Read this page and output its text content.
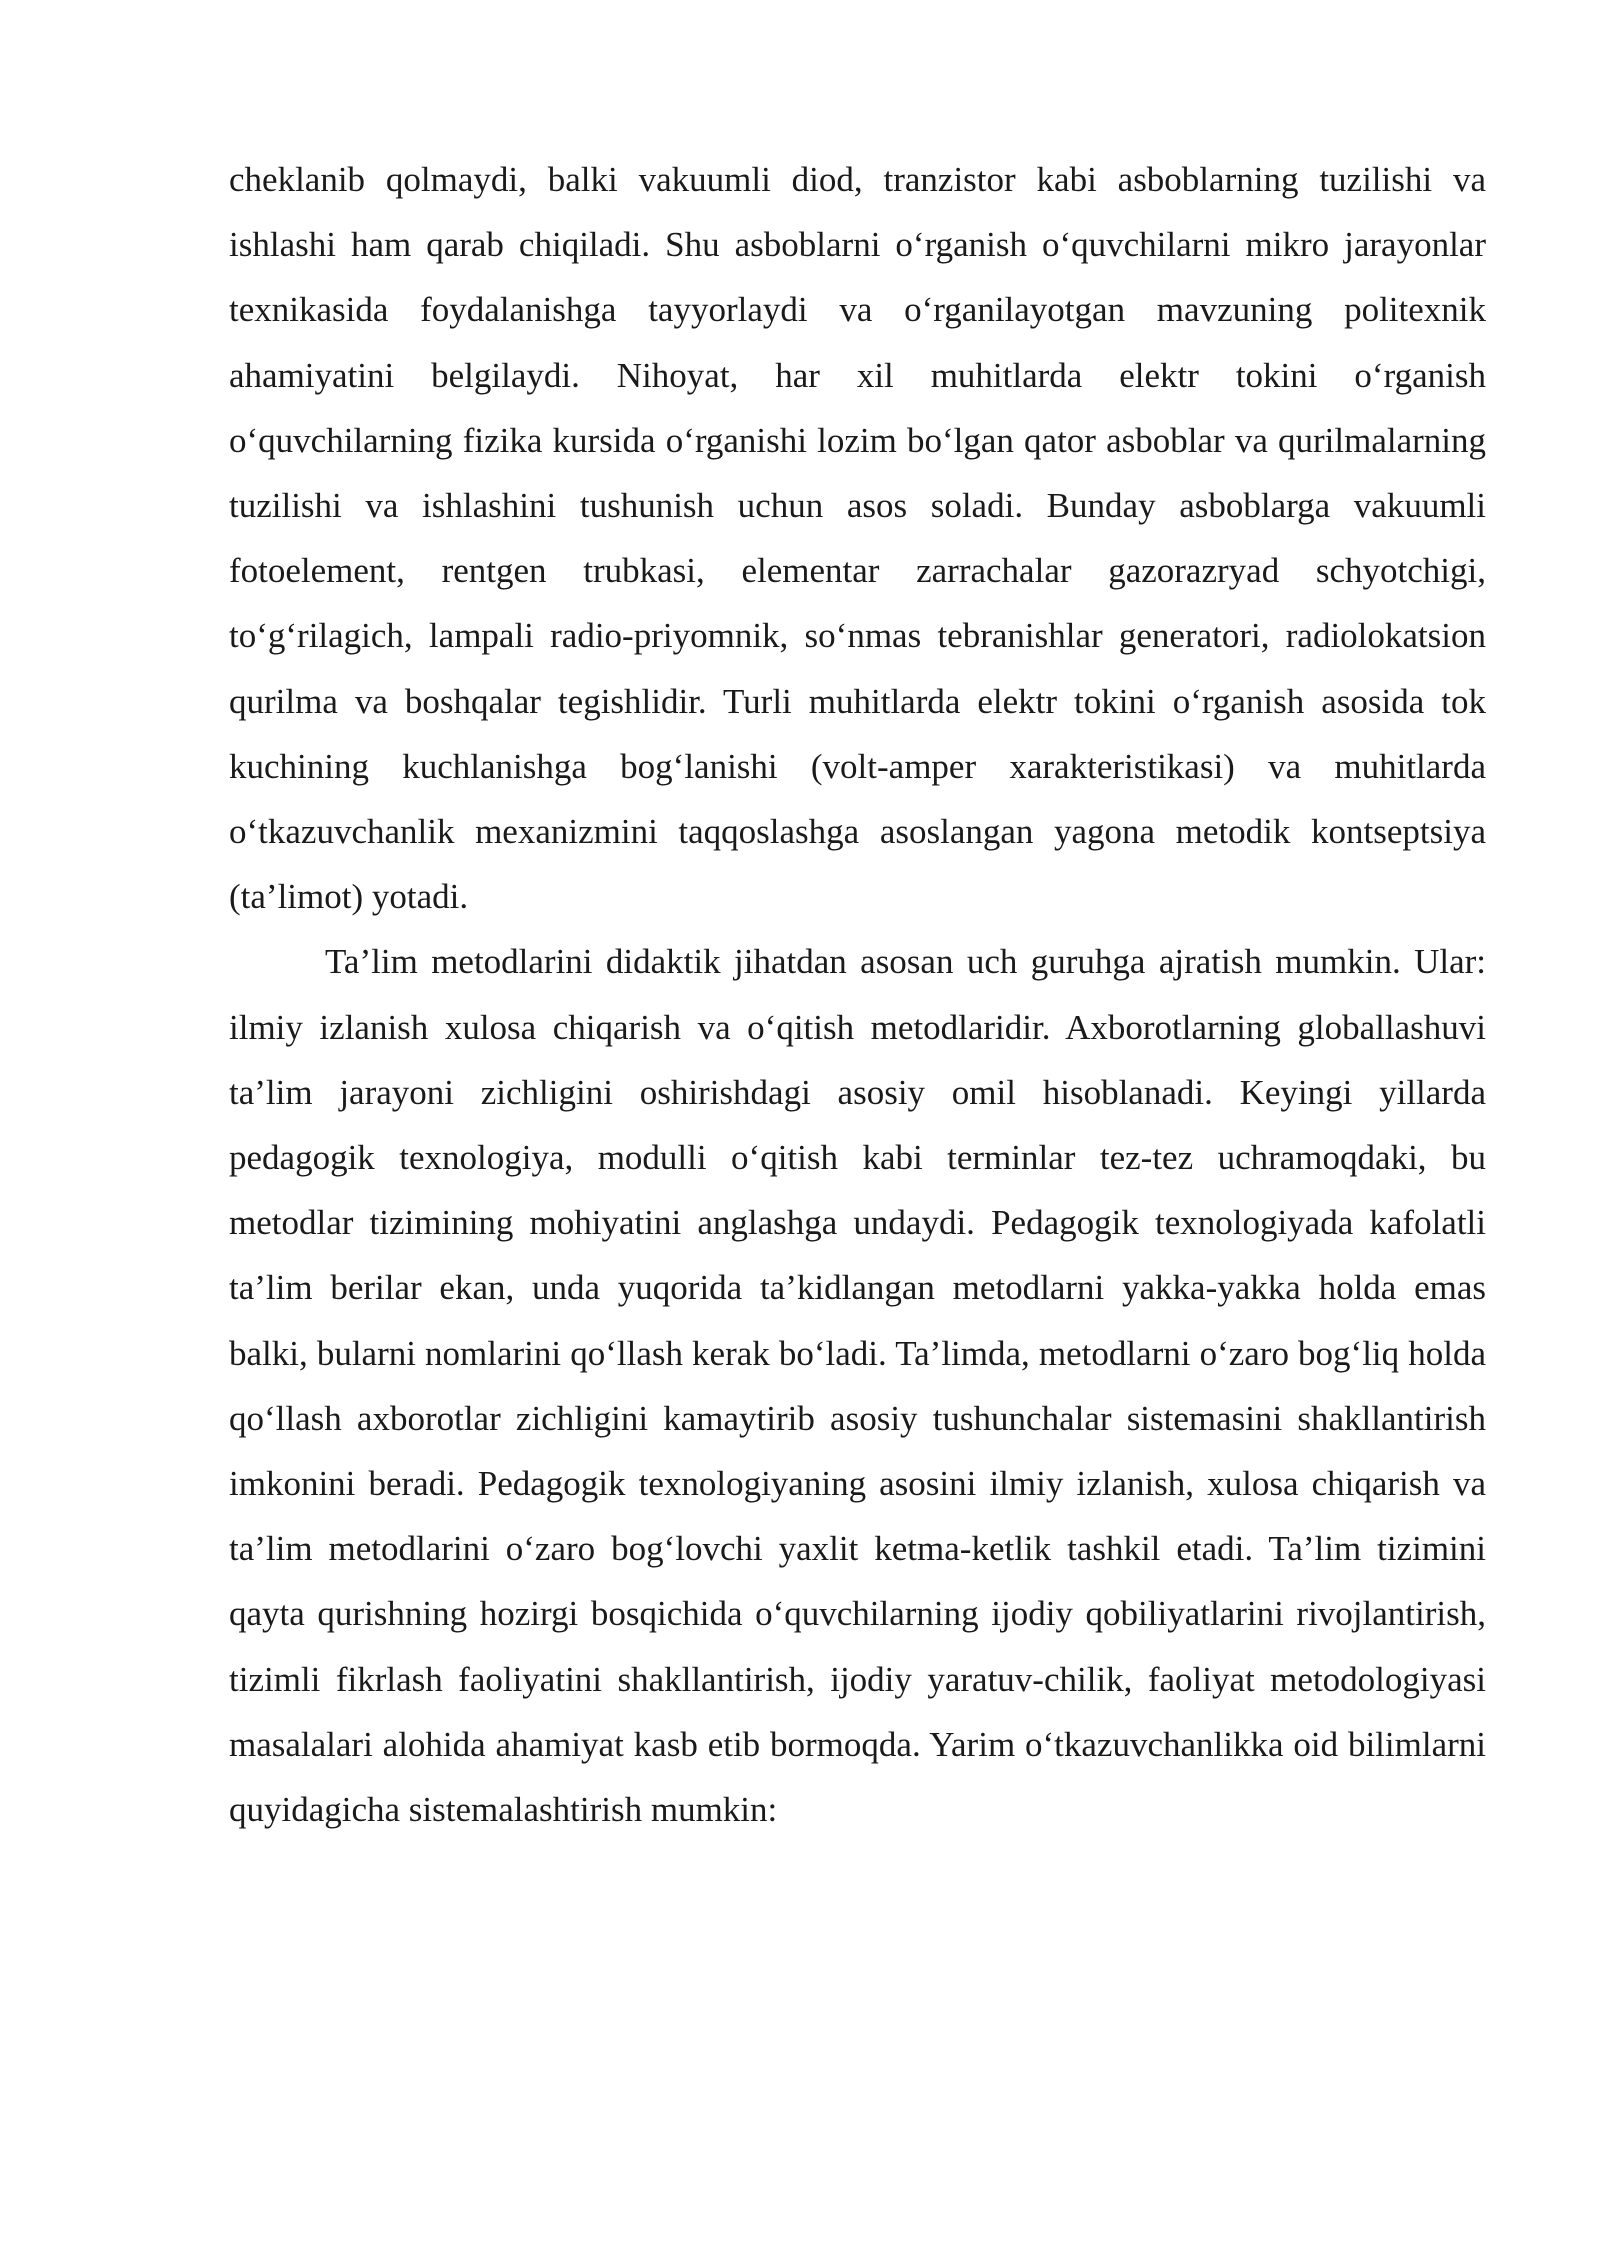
cheklanib qolmaydi, balki vakuumli diod, tranzistor kabi asboblarning tuzilishi va ishlashi ham qarab chiqiladi. Shu asboblarni o‘rganish o‘quvchilarni mikro jarayonlar texnikasida foydalanishga tayyorlaydi va o‘rganilayotgan mavzuning politexnik ahamiyatini belgilaydi. Nihoyat, har xil muhitlarda elektr tokini o‘rganish o‘quvchilarning fizika kursida o‘rganishi lozim bo‘lgan qator asboblar va qurilmalarning tuzilishi va ishlashini tushunish uchun asos soladi. Bunday asboblarga vakuumli fotoelement, rentgen trubkasi, elementar zarrachalar gazorazryad schyotchigi, to‘g‘rilagich, lampali radio-priyomnik, so‘nmas tebranishlar generatori, radiolokatsion qurilma va boshqalar tegishlidir. Turli muhitlarda elektr tokini o‘rganish asosida tok kuchining kuchlanishga bog‘lanishi (volt-amper xarakteristikasi) va muhitlarda o‘tkazuvchanlik mexanizmini taqqoslashga asoslangan yagona metodik kontseptsiya (ta’limot) yotadi.

Ta’lim metodlarini didaktik jihatdan asosan uch guruhga ajratish mumkin. Ular: ilmiy izlanish xulosa chiqarish va o‘qitish metodlaridir. Axborotlarning globallashuvi ta’lim jarayoni zichligini oshirishdagi asosiy omil hisoblanadi. Keyingi yillarda pedagogik texnologiya, modulli o‘qitish kabi terminlar tez-tez uchramoqdaki, bu metodlar tizimining mohiyatini anglashga undaydi. Pedagogik texnologiyada kafolatli ta’lim berilar ekan, unda yuqorida ta’kidlangan metodlarni yakka-yakka holda emas balki, bularni nomlarini qo‘llash kerak bo‘ladi. Ta’limda, metodlarni o‘zaro bog‘liq holda qo‘llash axborotlar zichligini kamaytirib asosiy tushunchalar sistemasini shakllantirish imkonini beradi. Pedagogik texnologiyaning asosini ilmiy izlanish, xulosa chiqarish va ta’lim metodlarini o‘zaro bog‘lovchi yaxlit ketma-ketlik tashkil etadi. Ta’lim tizimini qayta qurishning hozirgi bosqichida o‘quvchilarning ijodiy qobiliyatlarini rivojlantirish, tizimli fikrlash faoliyatini shakllantirish, ijodiy yaratuv-chilik, faoliyat metodologiyasi masalalari alohida ahamiyat kasb etib bormoqda. Yarim o‘tkazuvchanlikka oid bilimlarni quyidagicha sistemalashtirish mumkin:
